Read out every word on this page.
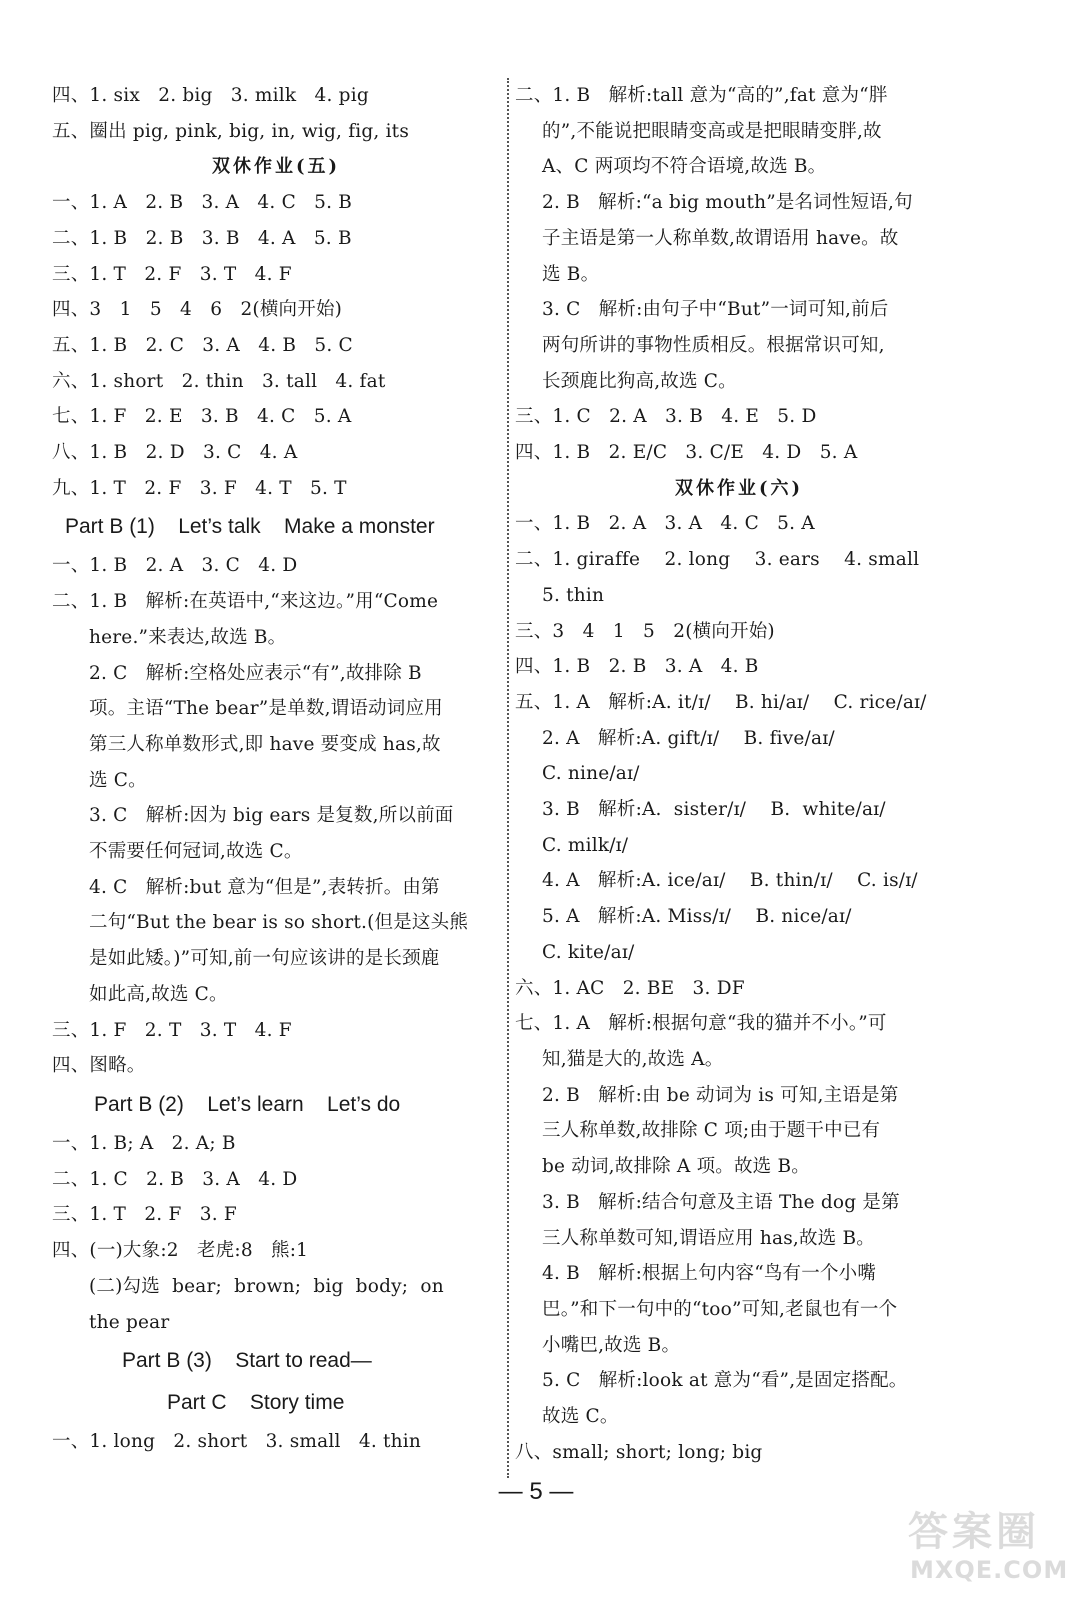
四、1. six   2. big   3. milk   4. pig
五、圈出 pig, pink, big, in, wig, fig, its
双休作业(五)
一、1. A   2. B   3. A   4. C   5. B
二、1. B   2. B   3. B   4. A   5. B
三、1. T   2. F   3. T   4. F
四、3   1   5   4   6   2(横向开始)
五、1. B   2. C   3. A   4. B   5. C
六、1. short   2. thin   3. tall   4. fat
七、1. F   2. E   3. B   4. C   5. A
八、1. B   2. D   3. C   4. A
九、1. T   2. F   3. F   4. T   5. T
Part B (1)    Let’s talk    Make a monster
一、1. B   2. A   3. C   4. D
二、1. B   解析:在英语中,“来这边。”用“Come
here.”来表达,故选 B。
2. C   解析:空格处应表示“有”,故排除 B
项。主语“The bear”是单数,谓语动词应用
第三人称单数形式,即 have 要变成 has,故
选 C。
3. C   解析:因为 big ears 是复数,所以前面
不需要任何冠词,故选 C。
4. C   解析:but 意为“但是”,表转折。由第
二句“But the bear is so short.(但是这头熊
是如此矮。)”可知,前一句应该讲的是长颈鹿
如此高,故选 C。
三、1. F   2. T   3. T   4. F
四、图略。
Part B (2)    Let’s learn    Let’s do
一、1. B; A   2. A; B
二、1. C   2. B   3. A   4. D
三、1. T   2. F   3. F
四、(一)大象:2   老虎:8   熊:1
(二)勾选  bear;  brown;  big  body;  on
the pear
Part B (3)    Start to read—
Part C    Story time
一、1. long   2. short   3. small   4. thin
二、1. B   解析:tall 意为“高的”,fat 意为“胖
的”,不能说把眼睛变高或是把眼睛变胖,故
A、C 两项均不符合语境,故选 B。
2. B   解析:“a big mouth”是名词性短语,句
子主语是第一人称单数,故谓语用 have。故
选 B。
3. C   解析:由句子中“But”一词可知,前后
两句所讲的事物性质相反。根据常识可知,
长颈鹿比狗高,故选 C。
三、1. C   2. A   3. B   4. E   5. D
四、1. B   2. E/C   3. C/E   4. D   5. A
双休作业(六)
一、1. B   2. A   3. A   4. C   5. A
二、1. giraffe    2. long    3. ears    4. small
5. thin
三、3   4   1   5   2(横向开始)
四、1. B   2. B   3. A   4. B
五、1. A   解析:A. it/ɪ/    B. hi/aɪ/    C. rice/aɪ/
2. A   解析:A. gift/ɪ/    B. five/aɪ/
C. nine/aɪ/
3. B   解析:A.  sister/ɪ/    B.  white/aɪ/
C. milk/ɪ/
4. A   解析:A. ice/aɪ/    B. thin/ɪ/    C. is/ɪ/
5. A   解析:A. Miss/ɪ/    B. nice/aɪ/
C. kite/aɪ/
六、1. AC   2. BE   3. DF
七、1. A   解析:根据句意“我的猫并不小。”可
知,猫是大的,故选 A。
2. B   解析:由 be 动词为 is 可知,主语是第
三人称单数,故排除 C 项;由于题干中已有
be 动词,故排除 A 项。故选 B。
3. B   解析:结合句意及主语 The dog 是第
三人称单数可知,谓语应用 has,故选 B。
4. B   解析:根据上句内容“鸟有一个小嘴
巴。”和下一句中的“too”可知,老鼠也有一个
小嘴巴,故选 B。
5. C   解析:look at 意为“看”,是固定搭配。
故选 C。
八、small; short; long; big
— 5 —
答案圈
MXQE.COM
